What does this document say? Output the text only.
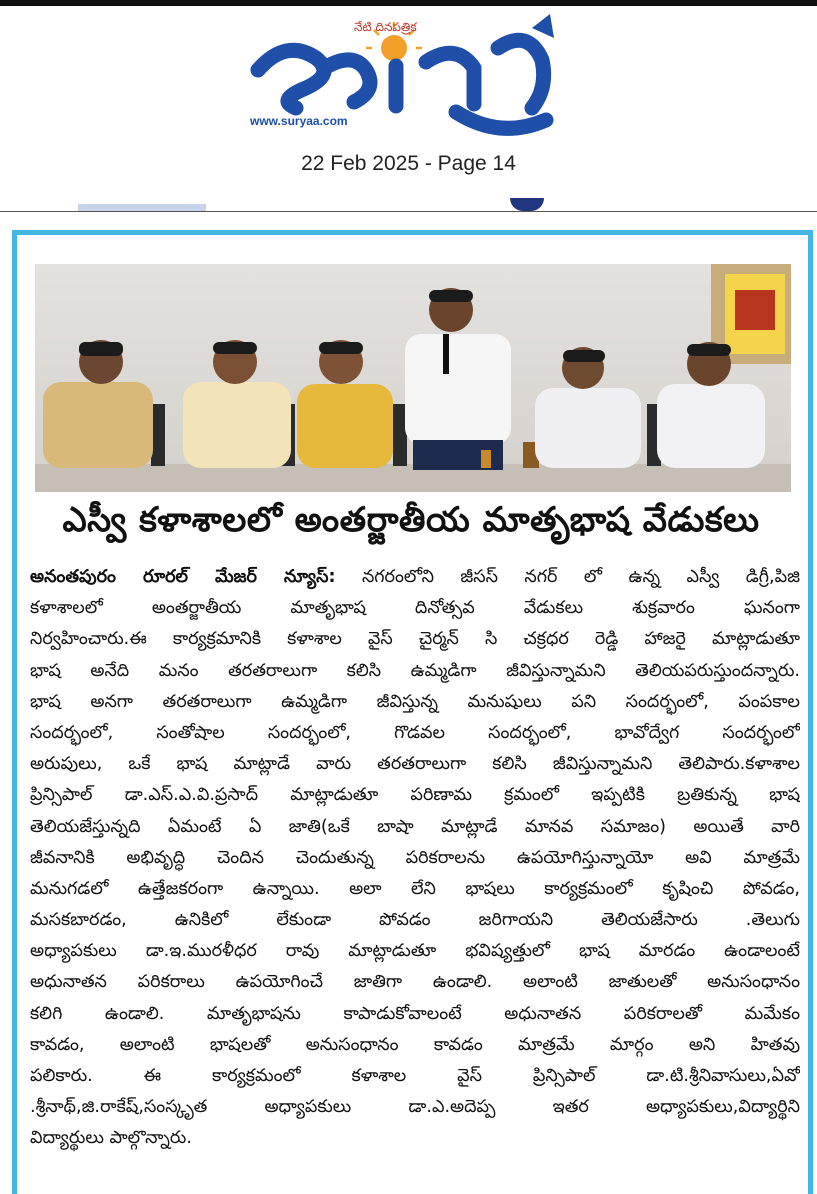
నేటి దినపత్రిక
www.suryaa.com
22 Feb 2025 - Page 14
ఎస్వీ కళాశాలలో అంతర్జాతీయ మాతృభాష వేడుకలు
అనంతపురం రూరల్ మేజర్ న్యూస్: నగరంలోని జీసస్ నగర్ లో ఉన్న ఎస్వీ డిగ్రీ,పిజి
కళాశాలలో అంతర్జాతీయ మాతృభాష దినోత్సవ వేడుకలు శుక్రవారం ఘనంగా
నిర్వహించారు.ఈ కార్యక్రమానికి కళాశాల వైస్ చైర్మన్ సి చక్రధర రెడ్డి హాజరై మాట్లాడుతూ
భాష అనేది మనం తరతరాలుగా కలిసి ఉమ్మడిగా జీవిస్తున్నామని తెలియపరుస్తుందన్నారు.
భాష అనగా తరతరాలుగా ఉమ్మడిగా జీవిస్తున్న మనుషులు పని సందర్భంలో, పంపకాల
సందర్భంలో, సంతోషాల సందర్భంలో, గొడవల సందర్భంలో, భావోద్వేగ సందర్భంలో
అరుపులు, ఒకే భాష మాట్లాడే వారు తరతరాలుగా కలిసి జీవిస్తున్నామని తెలిపారు.కళాశాల
ప్రిన్సిపాల్ డా.ఎస్.ఎ.వి.ప్రసాద్ మాట్లాడుతూ పరిణామ క్రమంలో ఇప్పటికి బ్రతికున్న భాష
తెలియజేస్తున్నది ఏమంటే ఏ జాతి(ఒకే బాషా మాట్లాడే మానవ సమాజం) అయితే వారి
జీవనానికి అభివృద్ధి చెందిన చెందుతున్న పరికరాలను ఉపయోగిస్తున్నాయో అవి మాత్రమే
మనుగడలో ఉత్తేజకరంగా ఉన్నాయి. అలా లేని భాషలు కార్యక్రమంలో కృషించి పోవడం,
మసకబారడం, ఉనికిలో లేకుండా పోవడం జరిగాయని తెలియజేసారు .తెలుగు
అధ్యాపకులు డా.ఇ.మురళీధర రావు మాట్లాడుతూ భవిష్యత్తులో భాష మారడం ఉండాలంటే
అధునాతన పరికరాలు ఉపయోగించే జాతిగా ఉండాలి. అలాంటి జాతులతో అనుసంధానం
కలిగి ఉండాలి. మాతృభాషను కాపాడుకోవాలంటే అధునాతన పరికరాలతో మమేకం
కావడం, అలాంటి భాషలతో అనుసంధానం కావడం మాత్రమే మార్గం అని హితవు
పలికారు. ఈ కార్యక్రమంలో కళాశాల వైస్ ప్రిన్సిపాల్ డా.టి.శ్రీనివాసులు,ఏవో
.శ్రీనాథ్,జి.రాకేష్,సంస్కృత అధ్యాపకులు డా.ఎ.అదెప్ప ఇతర అధ్యాపకులు,విద్యార్థిని
విద్యార్థులు పాల్గొన్నారు.
